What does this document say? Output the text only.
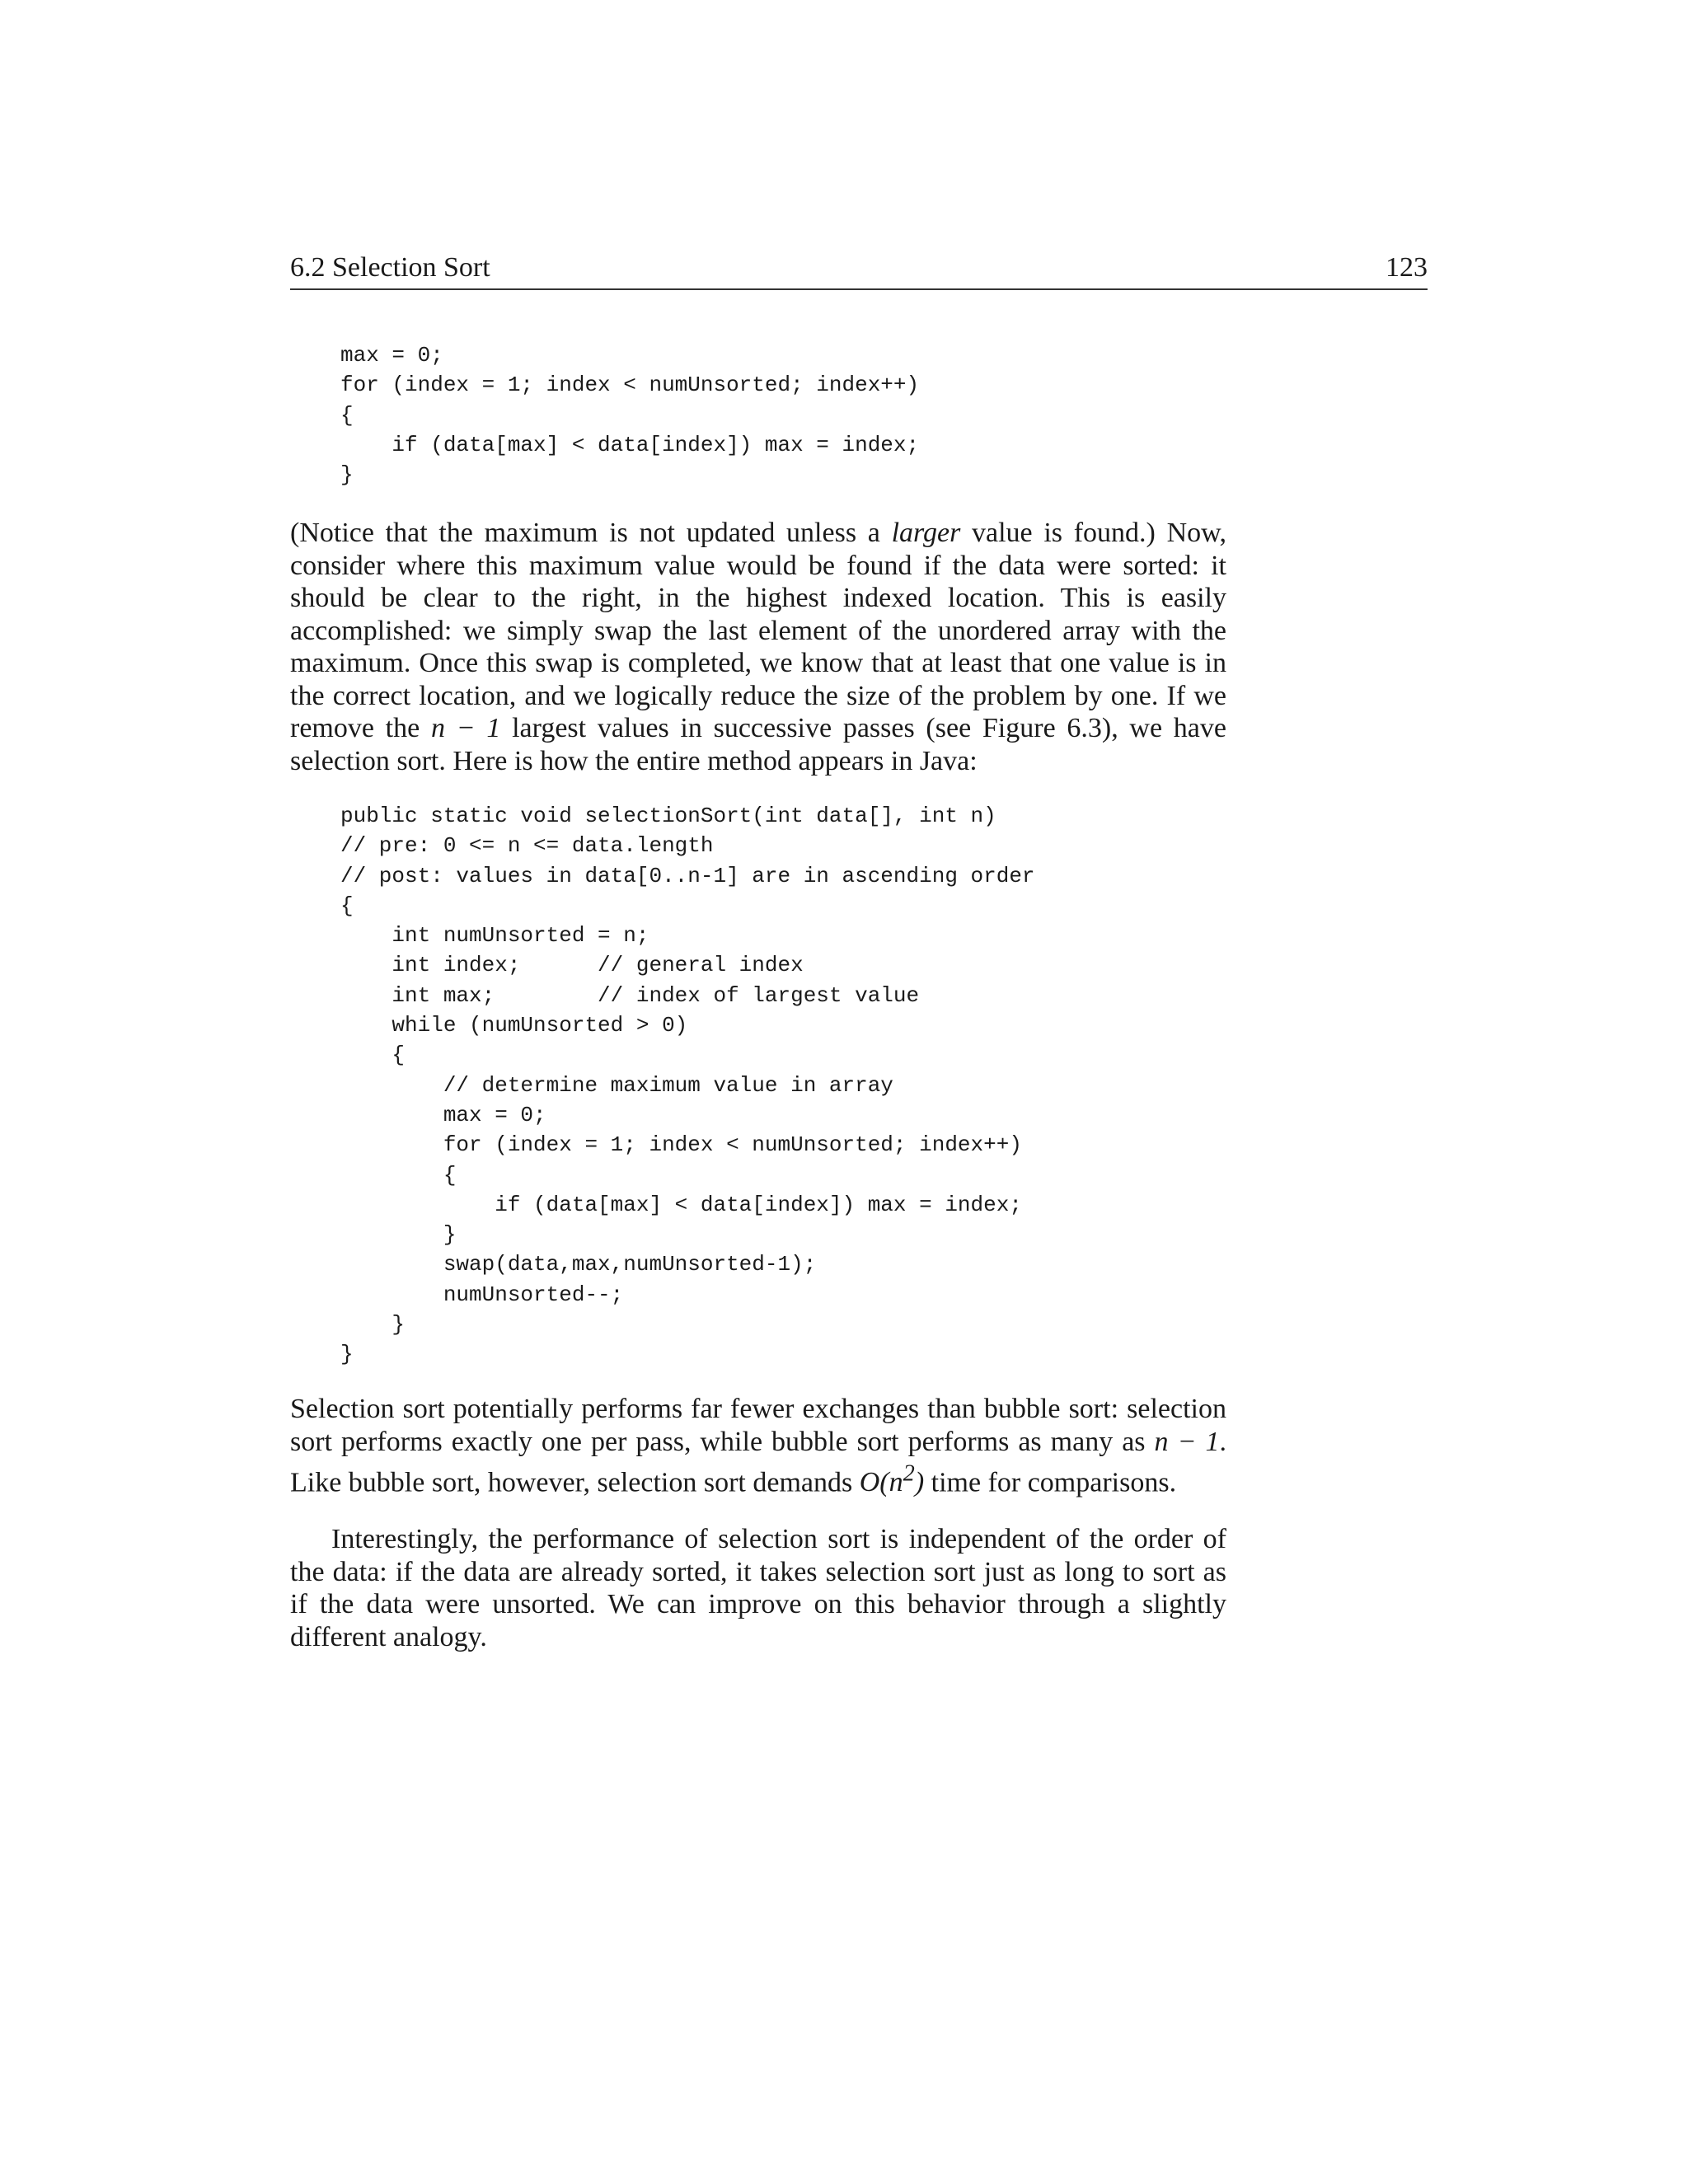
6.2 Selection Sort	123
max = 0;
for (index = 1; index < numUnsorted; index++)
{
if (data[max] < data[index]) max = index;
}

(Notice that the maximum is not updated unless a larger value is found.) Now, consider where this maximum value would be found if the data were sorted: it should be clear to the right, in the highest indexed location. This is easily accomplished: we simply swap the last element of the unordered array with the maximum. Once this swap is completed, we know that at least that one value is in the correct location, and we logically reduce the size of the problem by one. If we remove the n − 1 largest values in successive passes (see Figure 6.3), we have selection sort. Here is how the entire method appears in Java:

public static void selectionSort(int data[], int n)
// pre: 0 <= n <= data.length
// post: values in data[0..n-1] are in ascending order
{
int numUnsorted = n;
int index;      // general index
int max;        // index of largest value
while (numUnsorted > 0)
{
// determine maximum value in array
max = 0;
for (index = 1; index < numUnsorted; index++)
{
if (data[max] < data[index]) max = index;
}
swap(data,max,numUnsorted-1);
numUnsorted--;
}
}

Selection sort potentially performs far fewer exchanges than bubble sort: selection sort performs exactly one per pass, while bubble sort performs as many as n − 1. Like bubble sort, however, selection sort demands $O(n^2)$ time for comparisons.

Interestingly, the performance of selection sort is independent of the order of the data: if the data are already sorted, it takes selection sort just as long to sort as if the data were unsorted. We can improve on this behavior through a slightly different analogy.
